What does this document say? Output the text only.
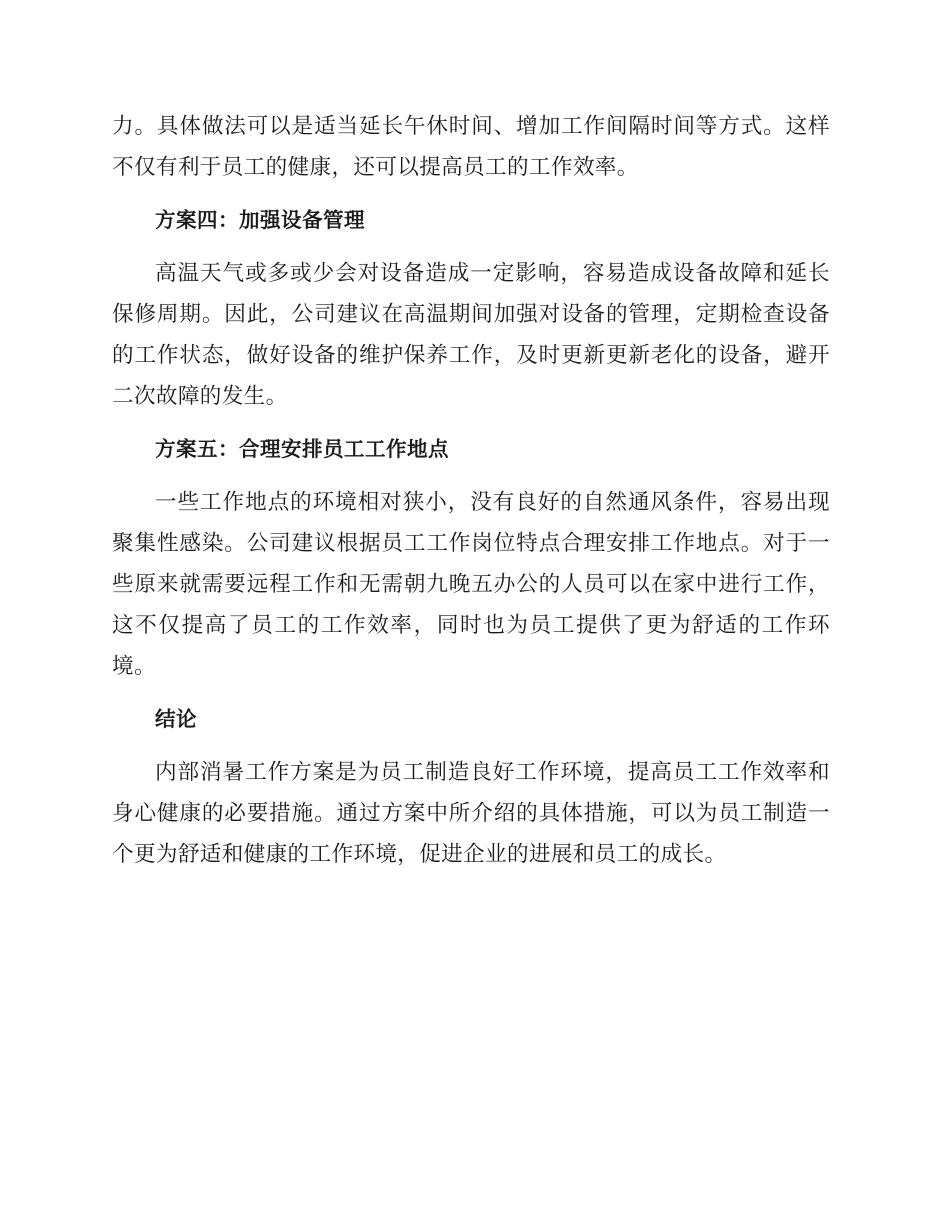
力。具体做法可以是适当延长午休时间、增加工作间隔时间等方式。这样不仅有利于员工的健康，还可以提高员工的工作效率。

方案四：加强设备管理

高温天气或多或少会对设备造成一定影响，容易造成设备故障和延长保修周期。因此，公司建议在高温期间加强对设备的管理，定期检查设备的工作状态，做好设备的维护保养工作，及时更新更新老化的设备，避开二次故障的发生。

方案五：合理安排员工工作地点

一些工作地点的环境相对狭小，没有良好的自然通风条件，容易出现聚集性感染。公司建议根据员工工作岗位特点合理安排工作地点。对于一些原来就需要远程工作和无需朝九晚五办公的人员可以在家中进行工作，这不仅提高了员工的工作效率，同时也为员工提供了更为舒适的工作环境。

结论

内部消暑工作方案是为员工制造良好工作环境，提高员工工作效率和身心健康的必要措施。通过方案中所介绍的具体措施，可以为员工制造一个更为舒适和健康的工作环境，促进企业的进展和员工的成长。
